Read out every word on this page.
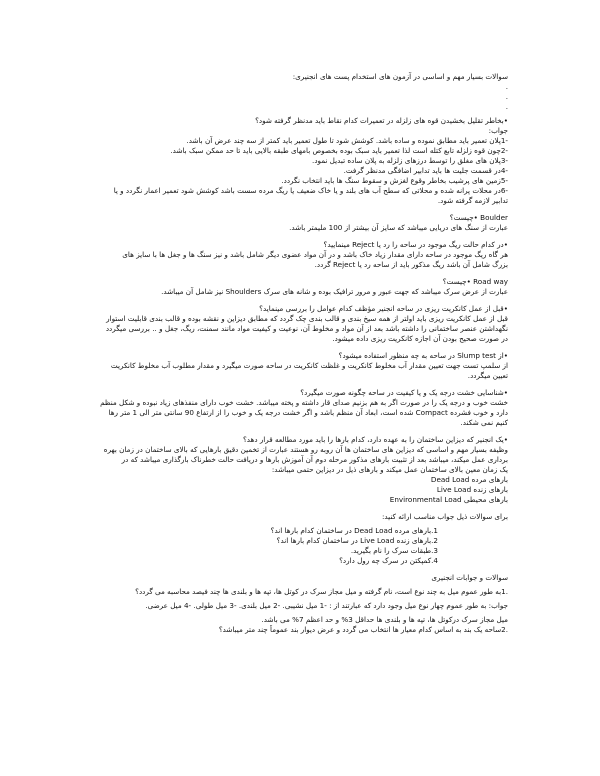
سوالات بسیار مهم و اساسی در آزمون های استخدام پست های انجنیری:
.
.
.
•بخاطر تقلیل بخشیدن قوه های زلزله در تعمیرات کدام نقاط باید مدنظر گرفته شود؟
جواب:
-1پلان تعمیر باید مطابق نموده و ساده باشد. کوشش شود تا طول تعمیر باید کمتر از سه چند عرض آن باشد.
-2چون قوه زلزله تابع کتله است لذا تعمیر باید سبک بوده بخصوص بامهای طبقه بالایی باید تا حد ممکن سبک باشد.
-3پلان های مغلق را توسط درزهای زلزله به پلان ساده تبدیل نمود.
-4در قسمت جلیت ها باید تدابیر اضافگی مدنظر گرفت.
-5زمین های پرشیب بخاطر وقوع لغزش و سقوط سنگ ها باید انتخاب نگردد.
-6در محلات پرانه شده و محلاتی که سطح آب های بلند و یا خاک ضعیف یا ریگ مرده سست باشد کوشش شود تعمیر اعمار نگردد و یا
تدابیر لازمه گرفته شود.
Boulder •چیست؟
عبارت از سنگ های دریایی میباشد که سایز آن بیشتر از 100 ملیمتر باشد.
•در کدام حالت ریگ موجود در ساحه را رد یا Reject مینمایید؟
هر گاه ریگ موجود در ساحه دارای مقدار زیاد خاک باشد و در آن مواد عضوی دیگر شامل باشد و نیز سنگ ها و جغل ها با سایز های
بزرگ شامل آن باشد ریگ مذکور باید از ساحه رد یا Reject گردد.
Road way •چیست؟
عبارت از عرض سرک میباشد که جهت عبور و مرور ترافیک بوده و شانه های سرک Shoulders نیز شامل آن میباشد.
•قبل از عمل کانکریت ریزی در ساحه انجنیر مؤظف کدام عوامل را بررسی مینماید؟
قبل از عمل کانکریت ریزی باید اولتر از همه سیخ بندی و قالب بندی چک گردد که مطابق دیزاین و نقشه بوده و قالب بندی قابلیت استوار
نگهداشتن عنصر ساختمانی را داشته باشد بعد از آن مواد و مخلوط آن، نوعیت و کیفیت مواد مانند سمنت، ریگ، جغل و .. بررسی میگردد
در صورت صحیح بودن آن اجازه کانکریت ریزی داده میشود.
•از Slump test در ساحه به چه منظور استفاده میشود؟
از سلمپ تست جهت تعیین مقدار آب مخلوط کانکریت و غلظت کانکریت در ساحه صورت میگیرد و مقدار مطلوب آب مخلوط کانکریت
تعیین میگردد.
•شناسایی خشت درجه یک و یا کیفیت در ساحه چگونه صورت میگیرد؟
خشت خوب و درجه یک را در صورت اگر به هم بزنیم صدای قار داشته و پخته میباشد. خشت خوب دارای منفذهای زیاد نبوده و شکل منظم
دارد و خوب فشرده Compact شده است، ابعاد آن منظم باشد و اگر خشت درجه یک و خوب را از ارتفاع 90 سانتی متر الی 1 متر رها
کنیم نمی شکند.
•یک انجنیر که دیزاین ساختمان را به عهده دارد، کدام بارها را باید مورد مطالعه قرار دهد؟
وظیفه بسیار مهم و اساسی که دیزاین های ساختمان ها آن روبه رو هستند عبارت از تخمین دقیق بارهایی که بالای ساختمان در زمان بهره
برداری عمل میکند، میباشد بعد از تثبیت بارهای مذکور مرحله دوم آن آموزش بارها و دریافت حالت خطرناک بارگذاری میباشد که در
یک زمان معین بالای ساختمان عمل میکند و بارهای ذیل در دیزاین حتمی میباشد:
بارهای مرده Dead Load
بارهای زنده Live Load
بارهای محیطی Environmental Load
برای سوالات ذیل جواب مناسب ارائه کنید:
1.بارهای مرده Dead Load در ساختمان کدام بارها اند؟
2.بارهای زنده Live Load در ساختمان کدام بارها اند؟
3.طبقات سرک را نام بگیرید.
4.کمپکتن در سرک چه رول دارد؟
سوالات و جوابات انجنیری
.1به طور عموم میل به چند نوع است، نام گرفته و میل مجاز سرک در کوتل ها، تپه ها و بلندی ها چند فیصد محاسبه می گردد؟
جواب: به طور عموم چهار نوع میل وجود دارد که عبارتند از : -1 میل نشیبی. -2 میل بلندی. -3 میل طولی. -4 میل عرضی.
میل مجاز سرک درکوتل ها، تپه ها و بلندی ها حداقل 3% و حد اعظم 7% می باشد.
.2ساحه یک بند به اساس کدام معیار ها انتخاب می گردد و عرض دیوار بند عموماً چند متر میباشد؟
